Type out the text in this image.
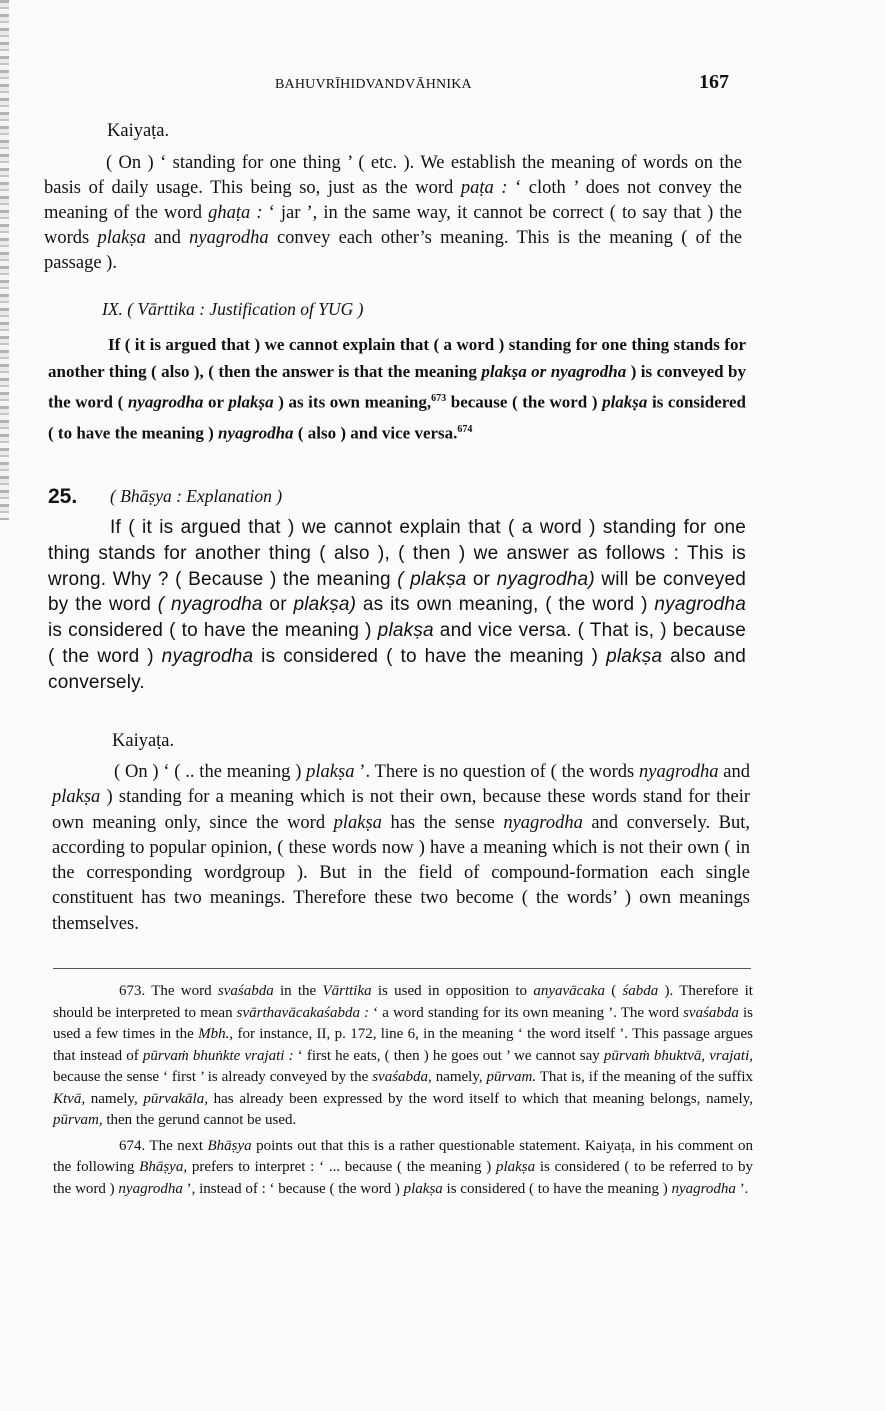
BAHUVRĪHIDVANDVĀHNIKA	167
Kaiyaṭa.

( On ) ‘ standing for one thing ’ ( etc. ). We establish the meaning of words on the basis of daily usage. This being so, just as the word paṭa : ‘ cloth ’ does not convey the meaning of the word ghaṭa : ‘ jar ’, in the same way, it cannot be correct ( to say that ) the words plakṣa and nyagrodha convey each other’s meaning. This is the meaning ( of the passage ).

IX. ( Vārttika : Justification of YUG )

If ( it is argued that ) we cannot explain that ( a word ) standing for one thing stands for another thing ( also ), ( then the answer is that the meaning plakṣa or nyagrodha ) is conveyed by the word ( nyagrodha or plakṣa ) as its own meaning,$^{673}$ because ( the word ) plakṣa is considered ( to have the meaning ) nyagrodha ( also ) and vice versa.$^{674}$

25. ( Bhāṣya : Explanation )

If ( it is argued that ) we cannot explain that ( a word ) standing for one thing stands for another thing ( also ), ( then ) we answer as follows : This is wrong. Why ? ( Because ) the meaning ( plakṣa or nyagrodha) will be conveyed by the word ( nyagrodha or plakṣa) as its own meaning, ( the word ) nyagrodha is considered ( to have the meaning ) plakṣa and vice versa. ( That is, ) because ( the word ) nyagrodha is considered ( to have the meaning ) plakṣa also and conversely.

Kaiyaṭa.

( On ) ‘ ( .. the meaning ) plakṣa ’. There is no question of ( the words nyagrodha and plakṣa ) standing for a meaning which is not their own, because these words stand for their own meaning only, since the word plakṣa has the sense nyagrodha and conversely. But, according to popular opinion, ( these words now ) have a meaning which is not their own ( in the corresponding wordgroup ). But in the field of compound-formation each single constituent has two meanings. Therefore these two become ( the words’ ) own meanings themselves.

673. The word svaśabda in the Vārttika is used in opposition to anyavācaka ( śabda ). Therefore it should be interpreted to mean svārthavācakaśabda : ‘ a word standing for its own meaning ’. The word svaśabda is used a few times in the Mbh., for instance, II, p. 172, line 6, in the meaning ‘ the word itself ’. This passage argues that instead of pūrvaṁ bhuṅkte vrajati : ‘ first he eats, ( then ) he goes out ’ we cannot say pūrvaṁ bhuktvā, vrajati, because the sense ‘ first ’ is already conveyed by the svaśabda, namely, pūrvam. That is, if the meaning of the suffix Ktvā, namely, pūrvakāla, has already been expressed by the word itself to which that meaning belongs, namely, pūrvam, then the gerund cannot be used.

674. The next Bhāṣya points out that this is a rather questionable statement. Kaiyaṭa, in his comment on the following Bhāṣya, prefers to interpret : ‘ ... because ( the meaning ) plakṣa is considered ( to be referred to by the word ) nyagrodha ’, instead of : ‘ because ( the word ) plakṣa is considered ( to have the meaning ) nyagrodha ’.
